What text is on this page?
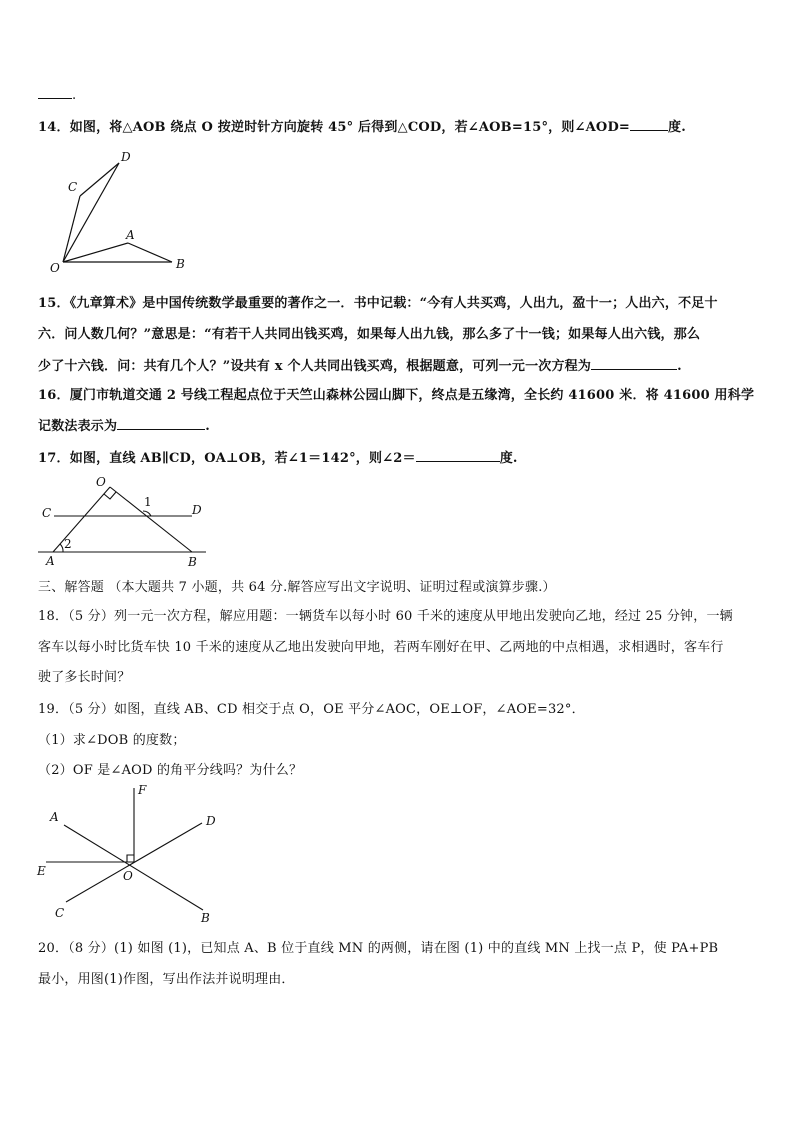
.
14．如图，将△AOB 绕点 O 按逆时针方向旋转 45° 后得到△COD，若∠AOB=15°，则∠AOD=	度.
O
A
B
C
D
15．《九章算术》是中国传统数学最重要的著作之一．书中记载：“今有人共买鸡，人出九，盈十一；人出六，不足十
六．问人数几何？”意思是：“有若干人共同出钱买鸡，如果每人出九钱，那么多了十一钱；如果每人出六钱，那么
少了十六钱．问：共有几个人？”设共有 x 个人共同出钱买鸡，根据题意，可列一元一次方程为	.
16．厦门市轨道交通 2 号线工程起点位于天竺山森林公园山脚下，终点是五缘湾，全长约 41600 米．将 41600 用科学
记数法表示为	.
17．如图，直线 AB∥CD，OA⊥OB，若∠1＝142°，则∠2＝	度.
O
C	D
A	B
1
2
三、解答题 （本大题共 7 小题，共 64 分.解答应写出文字说明、证明过程或演算步骤.）
18．（5 分）列一元一次方程，解应用题：一辆货车以每小时 60 千米的速度从甲地出发驶向乙地，经过 25 分钟，一辆
客车以每小时比货车快 10 千米的速度从乙地出发驶向甲地，若两车刚好在甲、乙两地的中点相遇，求相遇时，客车行
驶了多长时间？
19．（5 分）如图，直线 AB、CD 相交于点 O，OE 平分∠AOC，OE⊥OF，∠AOE=32°．
（1）求∠DOB 的度数；
（2）OF 是∠AOD 的角平分线吗？为什么？
A
B
C
D
E
F
O
20．（8 分）(1) 如图 (1)，已知点 A、B 位于直线 MN 的两侧，请在图 (1) 中的直线 MN 上找一点 P，使 PA+PB
最小，用图(1)作图，写出作法并说明理由．
